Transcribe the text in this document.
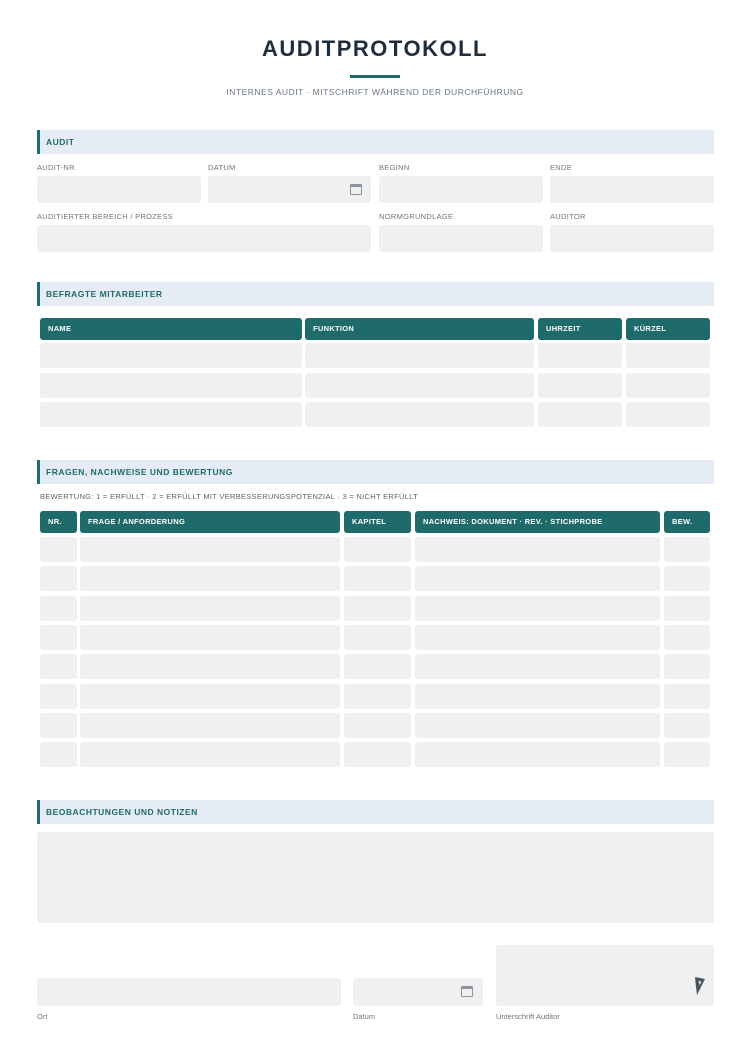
AUDITPROTOKOLL
INTERNES AUDIT · MITSCHRIFT WÄHREND DER DURCHFÜHRUNG
AUDIT
AUDIT-NR.	DATUM	BEGINN	ENDE
AUDITIERTER BEREICH / PROZESS	NORMGRUNDLAGE	AUDITOR
BEFRAGTE MITARBEITER
NAME	FUNKTION	UHRZEIT	KÜRZEL
FRAGEN, NACHWEISE UND BEWERTUNG
BEWERTUNG: 1 = ERFÜLLT · 2 = ERFÜLLT MIT VERBESSERUNGSPOTENZIAL · 3 = NICHT ERFÜLLT
NR.	FRAGE / ANFORDERUNG	KAPITEL	NACHWEIS: DOKUMENT · REV. · STICHPROBE	BEW.
BEOBACHTUNGEN UND NOTIZEN
Ort	Datum	Unterschrift Auditor
